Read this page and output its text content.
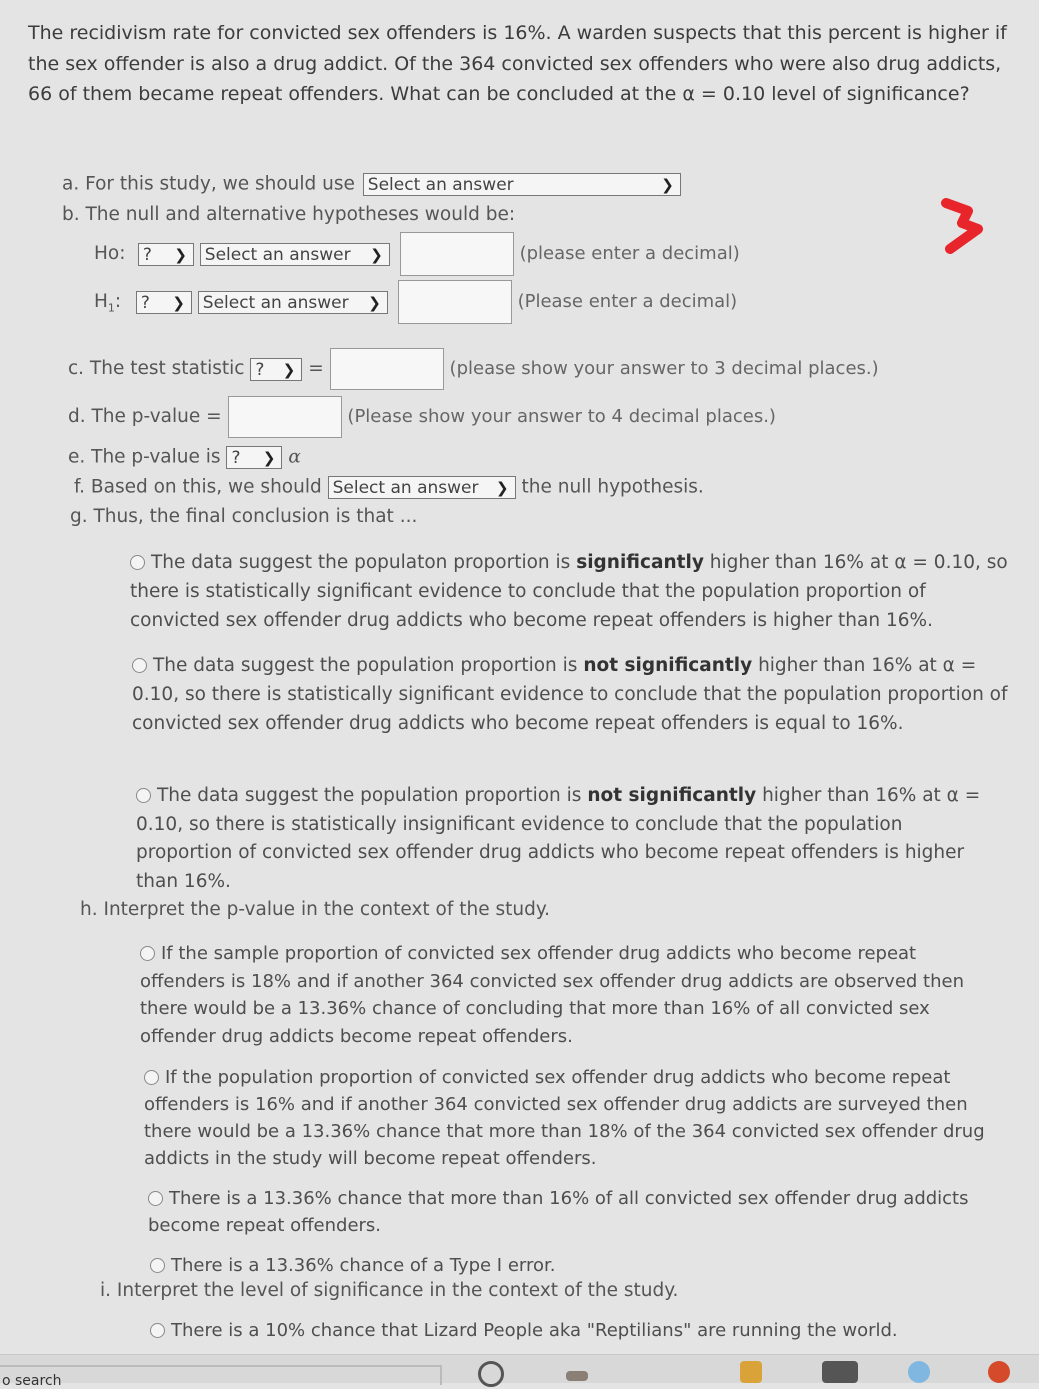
The recidivism rate for convicted sex offenders is 16%. A warden suspects that this percent is higher if the sex offender is also a drug addict. Of the 364 convicted sex offenders who were also drug addicts, 66 of them became repeat offenders. What can be concluded at the α = 0.10 level of significance?
a. For this study, we should use Select an answer	❯
b. The null and alternative hypotheses would be:
Ho: ? ❯ Select an answer ❯	(please enter a decimal)
$H_1$: ? ❯ Select an answer ❯	(Please enter a decimal)
c. The test statistic ? ❯ =	(please show your answer to 3 decimal places.)
d. The p-value =	(Please show your answer to 4 decimal places.)
e. The p-value is ? ❯ α
f. Based on this, we should Select an answer ❯ the null hypothesis.
g. Thus, the final conclusion is that ...
The data suggest the populaton proportion is significantly higher than 16% at α = 0.10, so there is statistically significant evidence to conclude that the population proportion of convicted sex offender drug addicts who become repeat offenders is higher than 16%.
The data suggest the population proportion is not significantly higher than 16% at α = 0.10, so there is statistically significant evidence to conclude that the population proportion of convicted sex offender drug addicts who become repeat offenders is equal to 16%.
The data suggest the population proportion is not significantly higher than 16% at α = 0.10, so there is statistically insignificant evidence to conclude that the population proportion of convicted sex offender drug addicts who become repeat offenders is higher than 16%.
h. Interpret the p-value in the context of the study.
If the sample proportion of convicted sex offender drug addicts who become repeat offenders is 18% and if another 364 convicted sex offender drug addicts are observed then there would be a 13.36% chance of concluding that more than 16% of all convicted sex offender drug addicts become repeat offenders.
If the population proportion of convicted sex offender drug addicts who become repeat offenders is 16% and if another 364 convicted sex offender drug addicts are surveyed then there would be a 13.36% chance that more than 18% of the 364 convicted sex offender drug addicts in the study will become repeat offenders.
There is a 13.36% chance that more than 16% of all convicted sex offender drug addicts become repeat offenders.
There is a 13.36% chance of a Type I error.
i. Interpret the level of significance in the context of the study.
There is a 10% chance that Lizard People aka "Reptilians" are running the world.
o search
